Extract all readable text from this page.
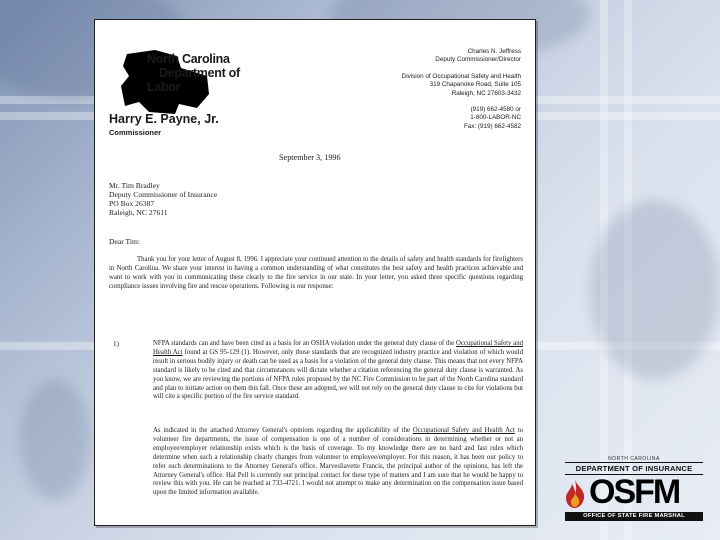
North Carolina
Department of
Labor
Harry E. Payne, Jr.
Commissioner
Charles N. Jeffress
Deputy Commissioner/Director
Division of Occupational Safety and Health
319 Chapanoke Road, Suite 105
Raleigh, NC 27603-3432
(919) 662-4580 or
1-800-LABOR-NC
Fax: (919) 662-4582
September 3, 1996
Mr. Tim Bradley
Deputy Commissioner of Insurance
PO Box 26387
Raleigh, NC 27611
Dear Tim:
Thank you for your letter of August 8, 1996. I appreciate your continued attention to the details of safety and health standards for firefighters in North Carolina. We share your interest in having a common understanding of what constitutes the best safety and health practices achievable and want to work with you in communicating these clearly to the fire service in our state. In your letter, you asked three specific questions regarding compliance issues involving fire and rescue operations. Following is our response:
1)	NFPA standards can and have been cited as a basis for an OSHA violation under the general duty clause of the Occupational Safety and Health Act found at GS 95-129 (1). However, only those standards that are recognized industry practice and violation of which would result in serious bodily injury or death can be used as a basis for a violation of the general duty clause. This means that not every NFPA standard is likely to be cited and that circumstances will dictate whether a citation referencing the general duty clause is warranted. As you know, we are reviewing the portions of NFPA rules proposed by the NC Fire Commission to be part of the North Carolina standard and plan to initiate action on them this fall. Once these are adopted, we will not rely on the general duty clause to cite for violations but will cite a specific portion of the fire service standard.
As indicated in the attached Attorney General's opinions regarding the applicability of the Occupational Safety and Health Act to volunteer fire departments, the issue of compensation is one of a number of considerations in determining whether or not an employee/employer relationship exists which is the basis of coverage. To my knowledge there are no hard and fast rules which determine when such a relationship clearly changes from volunteer to employee/employer. For this reason, it has been our policy to refer such determinations to the Attorney General's office. Marvesliavette Francis, the principal author of the opinions, has left the Attorney General's office. Hal Pell is currently our principal contact for these type of matters and I am sure that he would be happy to review this with you. He can be reached at 733-4721. I would not attempt to make any determination on the compensation issue based upon the limited information available.
NORTH CAROLINA
DEPARTMENT OF INSURANCE
OSFM
OFFICE OF STATE FIRE MARSHAL
